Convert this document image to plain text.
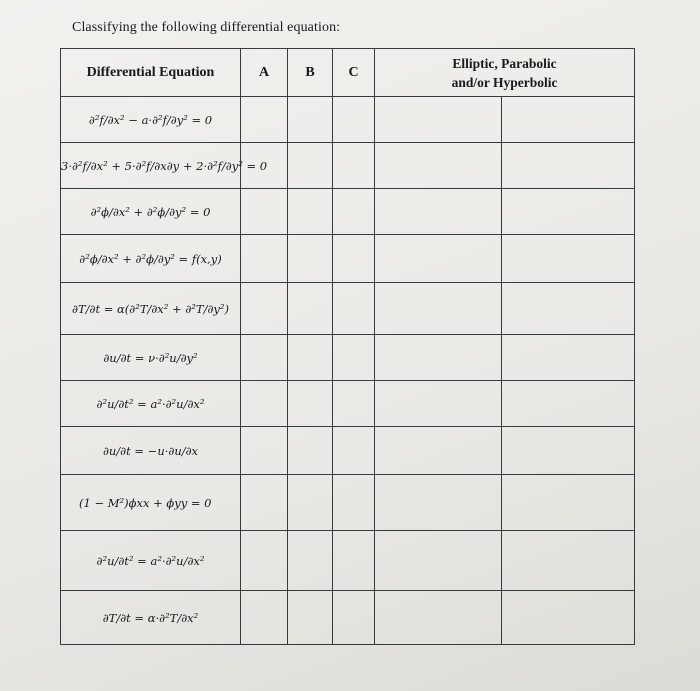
Classifying the following differential equation:
Differential Equation	A	B	C	Elliptic, Parabolic
and/or Hyperbolic	
∂²f/∂x² − a·∂²f/∂y² = 0					
3·∂²f/∂x² + 5·∂²f/∂x∂y + 2·∂²f/∂y² = 0					
∂²ϕ/∂x² + ∂²ϕ/∂y² = 0					
∂²ϕ/∂x² + ∂²ϕ/∂y² = f(x,y)					
∂T/∂t = α(∂²T/∂x² + ∂²T/∂y²)					
∂u/∂t = ν·∂²u/∂y²					
∂²u/∂t² = a²·∂²u/∂x²					
∂u/∂t = −u·∂u/∂x					
(1 − M²)ϕxx + ϕyy = 0					
∂²u/∂t² = a²·∂²u/∂x²					
∂T/∂t = α·∂²T/∂x²					
